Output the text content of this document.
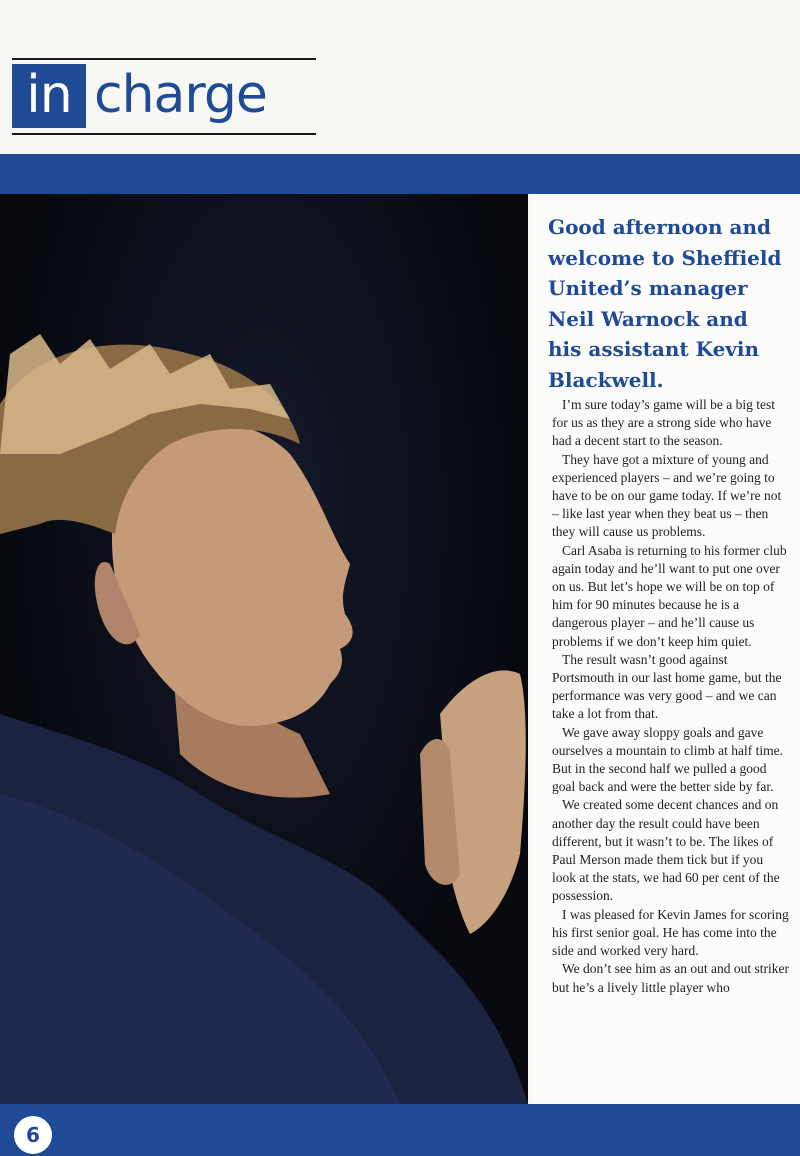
in charge
Good afternoon and welcome to Sheffield United’s manager Neil Warnock and his assistant Kevin Blackwell.

I’m sure today’s game will be a big test for us as they are a strong side who have had a decent start to the season.

They have got a mixture of young and experienced players – and we’re going to have to be on our game today. If we’re not – like last year when they beat us – then they will cause us problems.

Carl Asaba is returning to his former club again today and he’ll want to put one over on us. But let’s hope we will be on top of him for 90 minutes because he is a dangerous player – and he’ll cause us problems if we don’t keep him quiet.

The result wasn’t good against Portsmouth in our last home game, but the performance was very good – and we can take a lot from that.

We gave away sloppy goals and gave ourselves a mountain to climb at half time. But in the second half we pulled a good goal back and were the better side by far.

We created some decent chances and on another day the result could have been different, but it wasn’t to be. The likes of Paul Merson made them tick but if you look at the stats, we had 60 per cent of the possession.

I was pleased for Kevin James for scoring his first senior goal. He has come into the side and worked very hard.

We don’t see him as an out and out striker but he’s a lively little player who

6
